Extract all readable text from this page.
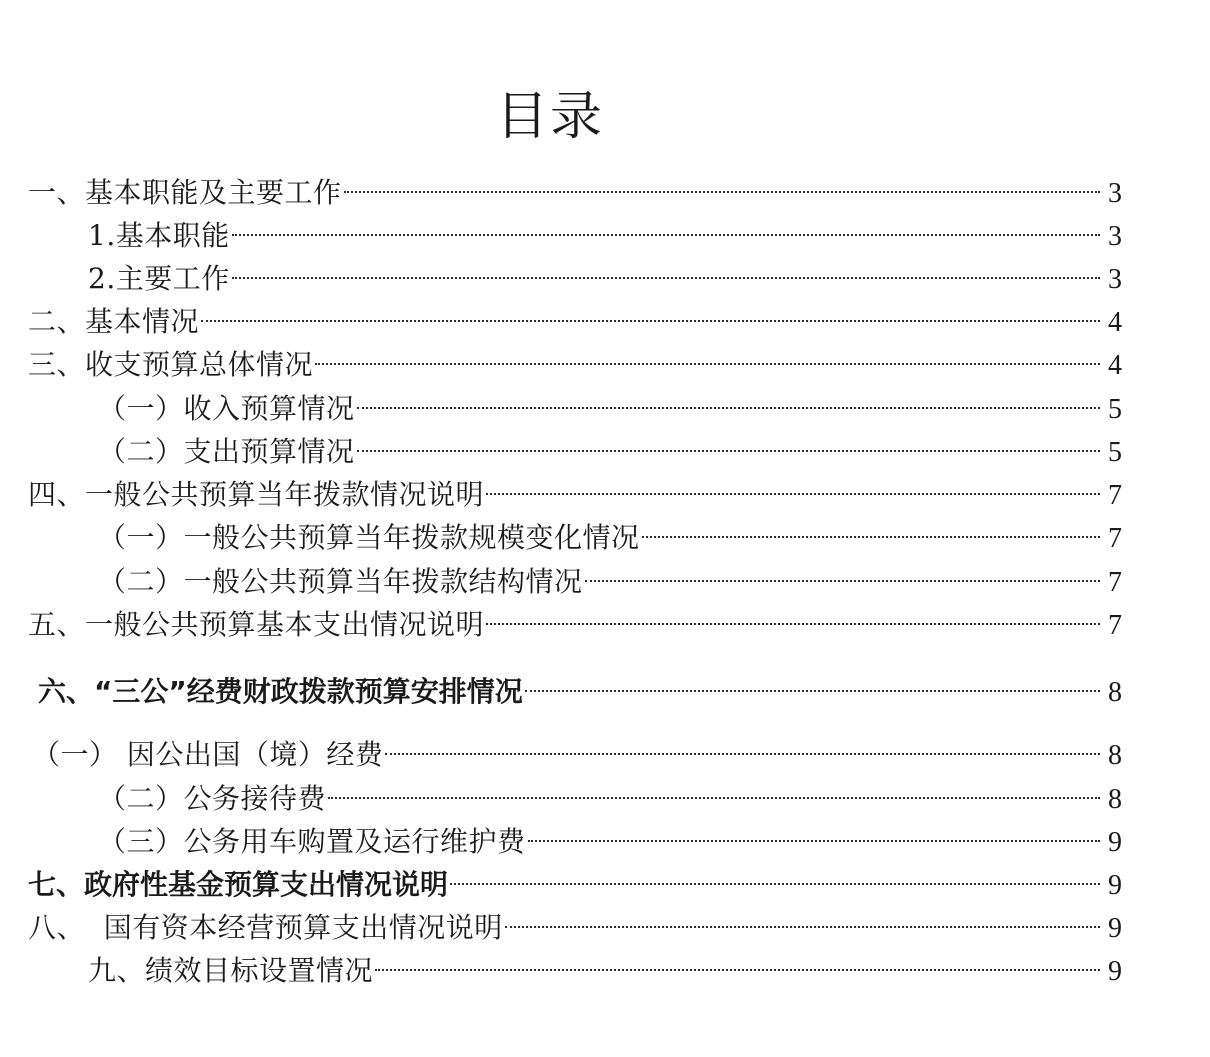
目录
一、基本职能及主要工作	3
1.基本职能	3
2.主要工作	3
二、基本情况	4
三、收支预算总体情况	4
（一）收入预算情况	5
（二）支出预算情况	5
四、一般公共预算当年拨款情况说明	7
（一）一般公共预算当年拨款规模变化情况	7
（二）一般公共预算当年拨款结构情况	7
五、一般公共预算基本支出情况说明	7
六、“三公”经费财政拨款预算安排情况	8
（一） 因公出国（境）经费	8
（二）公务接待费	8
（三）公务用车购置及运行维护费	9
七、政府性基金预算支出情况说明	9
八、  国有资本经营预算支出情况说明	9
九、绩效目标设置情况	9
